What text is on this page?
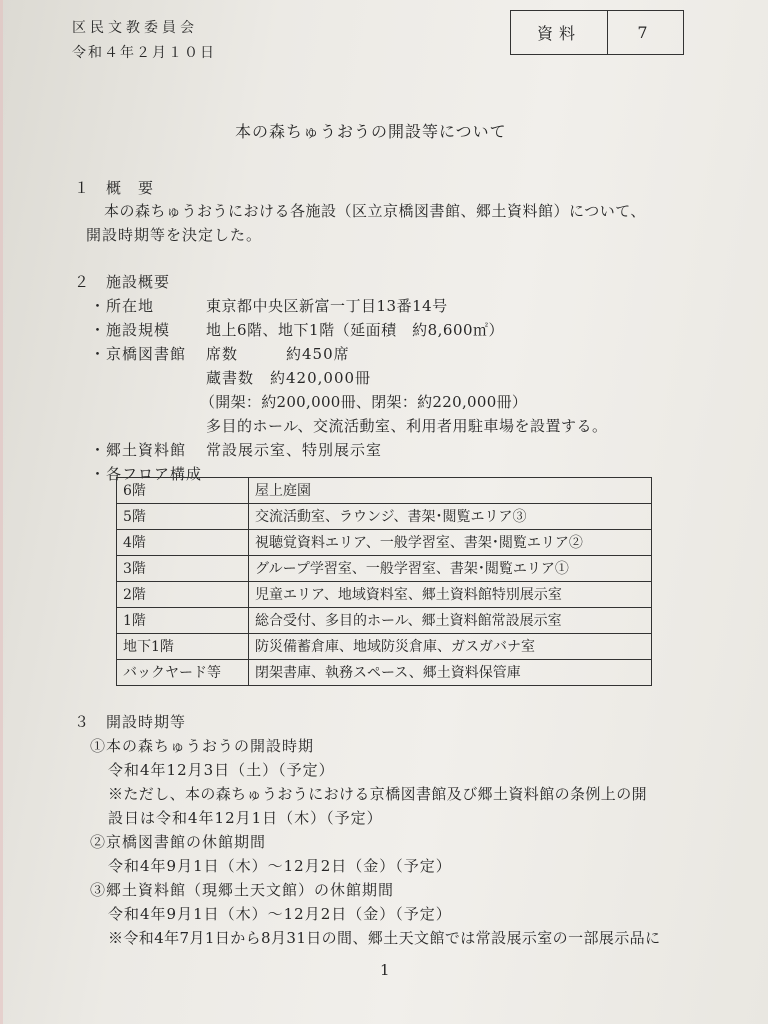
区民文教委員会
令和４年２月１０日
資料	7
本の森ちゅうおうの開設等について
１　概　要
本の森ちゅうおうにおける各施設（区立京橋図書館、郷土資料館）について、
開設時期等を決定した。
２　施設概要
・所在地	東京都中央区新富一丁目13番14号
・施設規模 地上6階、地下1階（延面積　約8,600㎡）
・京橋図書館 席数　　　約450席
蔵書数　約420,000冊
（開架：約200,000冊、閉架：約220,000冊）
多目的ホール、交流活動室、利用者用駐車場を設置する。
・郷土資料館 常設展示室、特別展示室
・各フロア構成
6階	屋上庭園
5階	交流活動室、ラウンジ、書架･閲覧エリア③
4階	視聴覚資料エリア、一般学習室、書架･閲覧エリア②
3階	グループ学習室、一般学習室、書架･閲覧エリア①
2階	児童エリア、地域資料室、郷土資料館特別展示室
1階	総合受付、多目的ホール、郷土資料館常設展示室
地下1階	防災備蓄倉庫、地域防災倉庫、ガスガバナ室
バックヤード等	閉架書庫、執務スペース、郷土資料保管庫
３　開設時期等
①本の森ちゅうおうの開設時期
令和4年12月3日（土）（予定）
※ただし、本の森ちゅうおうにおける京橋図書館及び郷土資料館の条例上の開
設日は令和4年12月1日（木）（予定）
②京橋図書館の休館期間
令和4年9月1日（木）～12月2日（金）（予定）
③郷土資料館（現郷土天文館）の休館期間
令和4年9月1日（木）～12月2日（金）（予定）
※令和4年7月1日から8月31日の間、郷土天文館では常設展示室の一部展示品に
1
